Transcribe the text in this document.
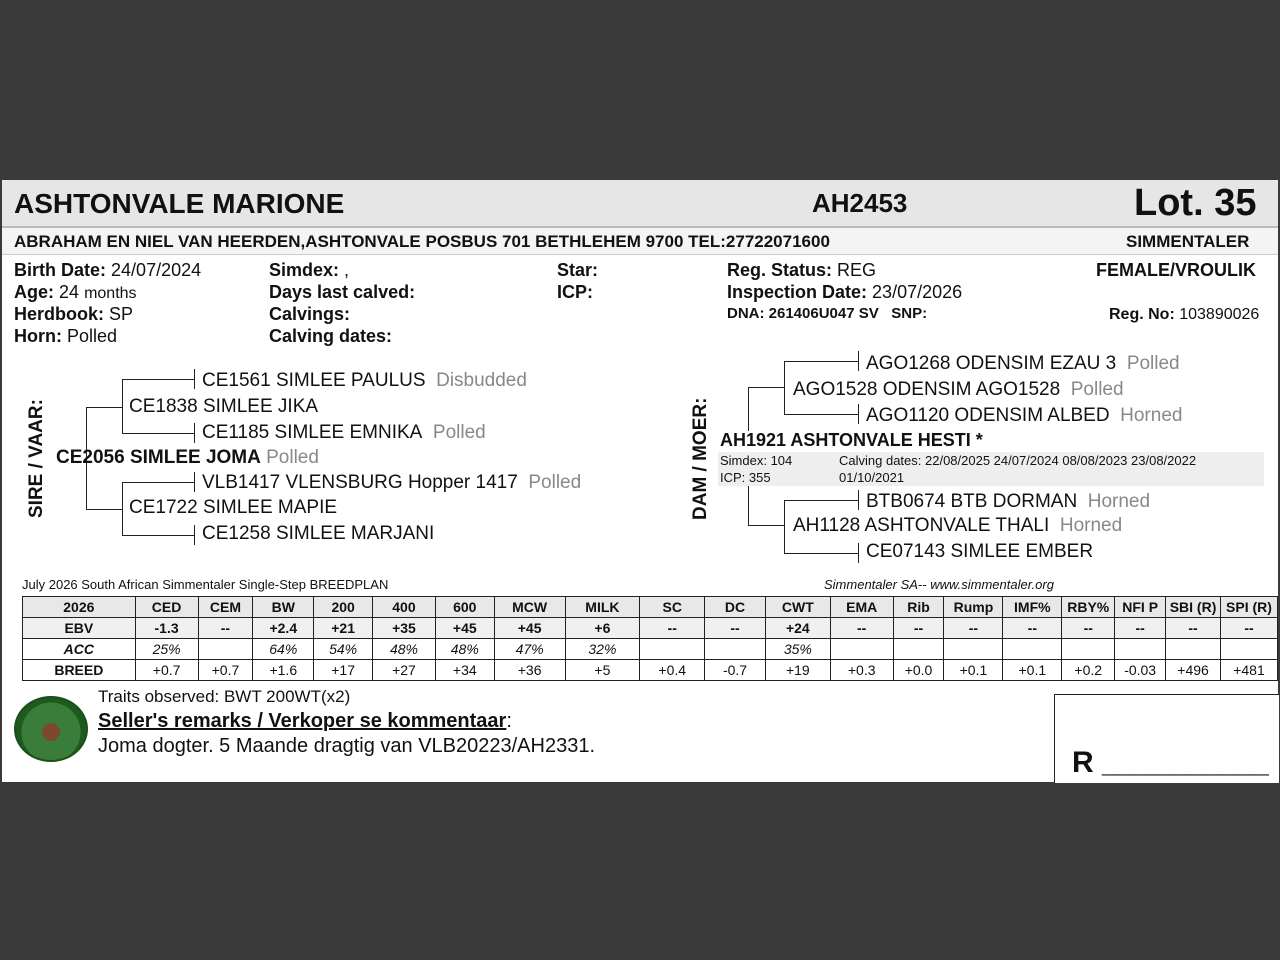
ASHTONVALE MARIONE	AH2453	Lot. 35
ABRAHAM EN NIEL VAN HEERDEN,ASHTONVALE POSBUS 701 BETHLEHEM 9700 TEL:27722071600	SIMMENTALER
Birth Date: 24/07/2024
Age: 24 months
Herdbook: SP
Horn: Polled
Simdex: ,
Days last calved:
Calvings:
Calving dates:
Star:
ICP:
Reg. Status: REG
Inspection Date: 23/07/2026
DNA: 261406U047 SV SNP:
FEMALE/VROULIK
Reg. No: 103890026
SIRE / VAAR:
CE1561 SIMLEE PAULUS Disbudded
CE1838 SIMLEE JIKA
CE1185 SIMLEE EMNIKA Polled
CE2056 SIMLEE JOMA Polled
VLB1417 VLENSBURG Hopper 1417 Polled
CE1722 SIMLEE MAPIE
CE1258 SIMLEE MARJANI
DAM / MOER:
AGO1268 ODENSIM EZAU 3 Polled
AGO1528 ODENSIM AGO1528 Polled
AGO1120 ODENSIM ALBED Horned
AH1921 ASHTONVALE HESTI *
Simdex: 104
ICP: 355
Calving dates: 22/08/2025 24/07/2024 08/08/2023 23/08/2022
01/10/2021
BTB0674 BTB DORMAN Horned
AH1128 ASHTONVALE THALI Horned
CE07143 SIMLEE EMBER
July 2026 South African Simmentaler Single-Step BREEDPLAN	Simmentaler SA-- www.simmentaler.org
2026	CED	CEM	BW	200	400	600	MCW	MILK	SC	DC	CWT	EMA	Rib	Rump	IMF%	RBY%	NFI P	SBI (R)	SPI (R)
EBV	-1.3	--	+2.4	+21	+35	+45	+45	+6	--	--	+24	--	--	--	--	--	--	--	--
ACC	25%		64%	54%	48%	48%	47%	32%			35%								
BREED	+0.7	+0.7	+1.6	+17	+27	+34	+36	+5	+0.4	-0.7	+19	+0.3	+0.0	+0.1	+0.1	+0.2	-0.03	+496	+481
Traits observed: BWT 200WT(x2)
Seller's remarks / Verkoper se kommentaar:
Joma dogter. 5 Maande dragtig van VLB20223/AH2331.	R __________
